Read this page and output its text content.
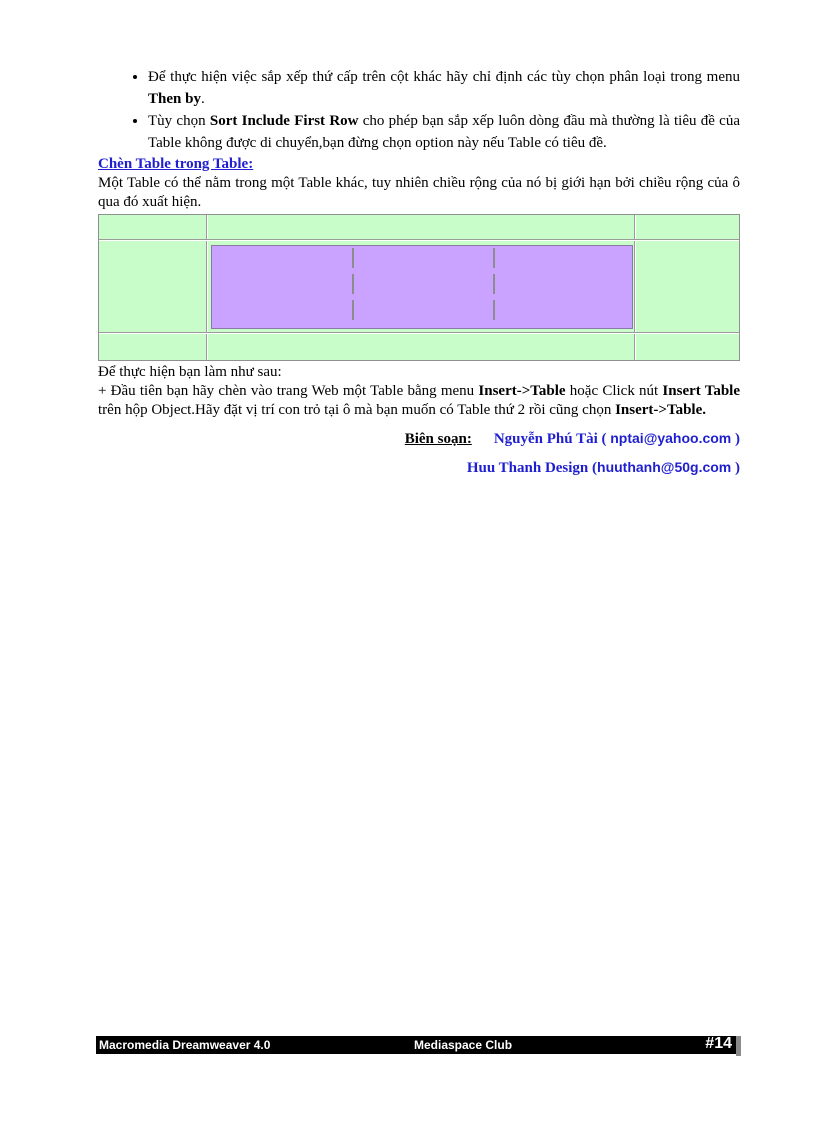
• Để thực hiện việc sắp xếp thứ cấp trên cột khác hãy chỉ định các tùy chọn phân loại trong menu Then by.
• Tùy chọn Sort Include First Row cho phép bạn sắp xếp luôn dòng đầu mà thường là tiêu đề của Table không được di chuyển,bạn đừng chọn option này nếu Table có tiêu đề.
Chèn Table trong Table:
Một Table có thể nằm trong một Table khác, tuy nhiên chiều rộng của nó bị giới hạn bởi chiều rộng của ô qua đó xuất hiện.
Để thực hiện bạn làm như sau:
+ Đầu tiên bạn hãy chèn vào trang Web một Table bằng menu Insert->Table hoặc Click nút Insert Table trên hộp Object.Hãy đặt vị trí con trỏ tại ô mà bạn muốn có Table thứ 2 rồi cũng chọn Insert->Table.
Biên soạn: Nguyễn Phú Tài ( nptai@yahoo.com )
Huu Thanh Design (huuthanh@50g.com )
Macromedia Dreamweaver 4.0	Mediaspace Club	#14
